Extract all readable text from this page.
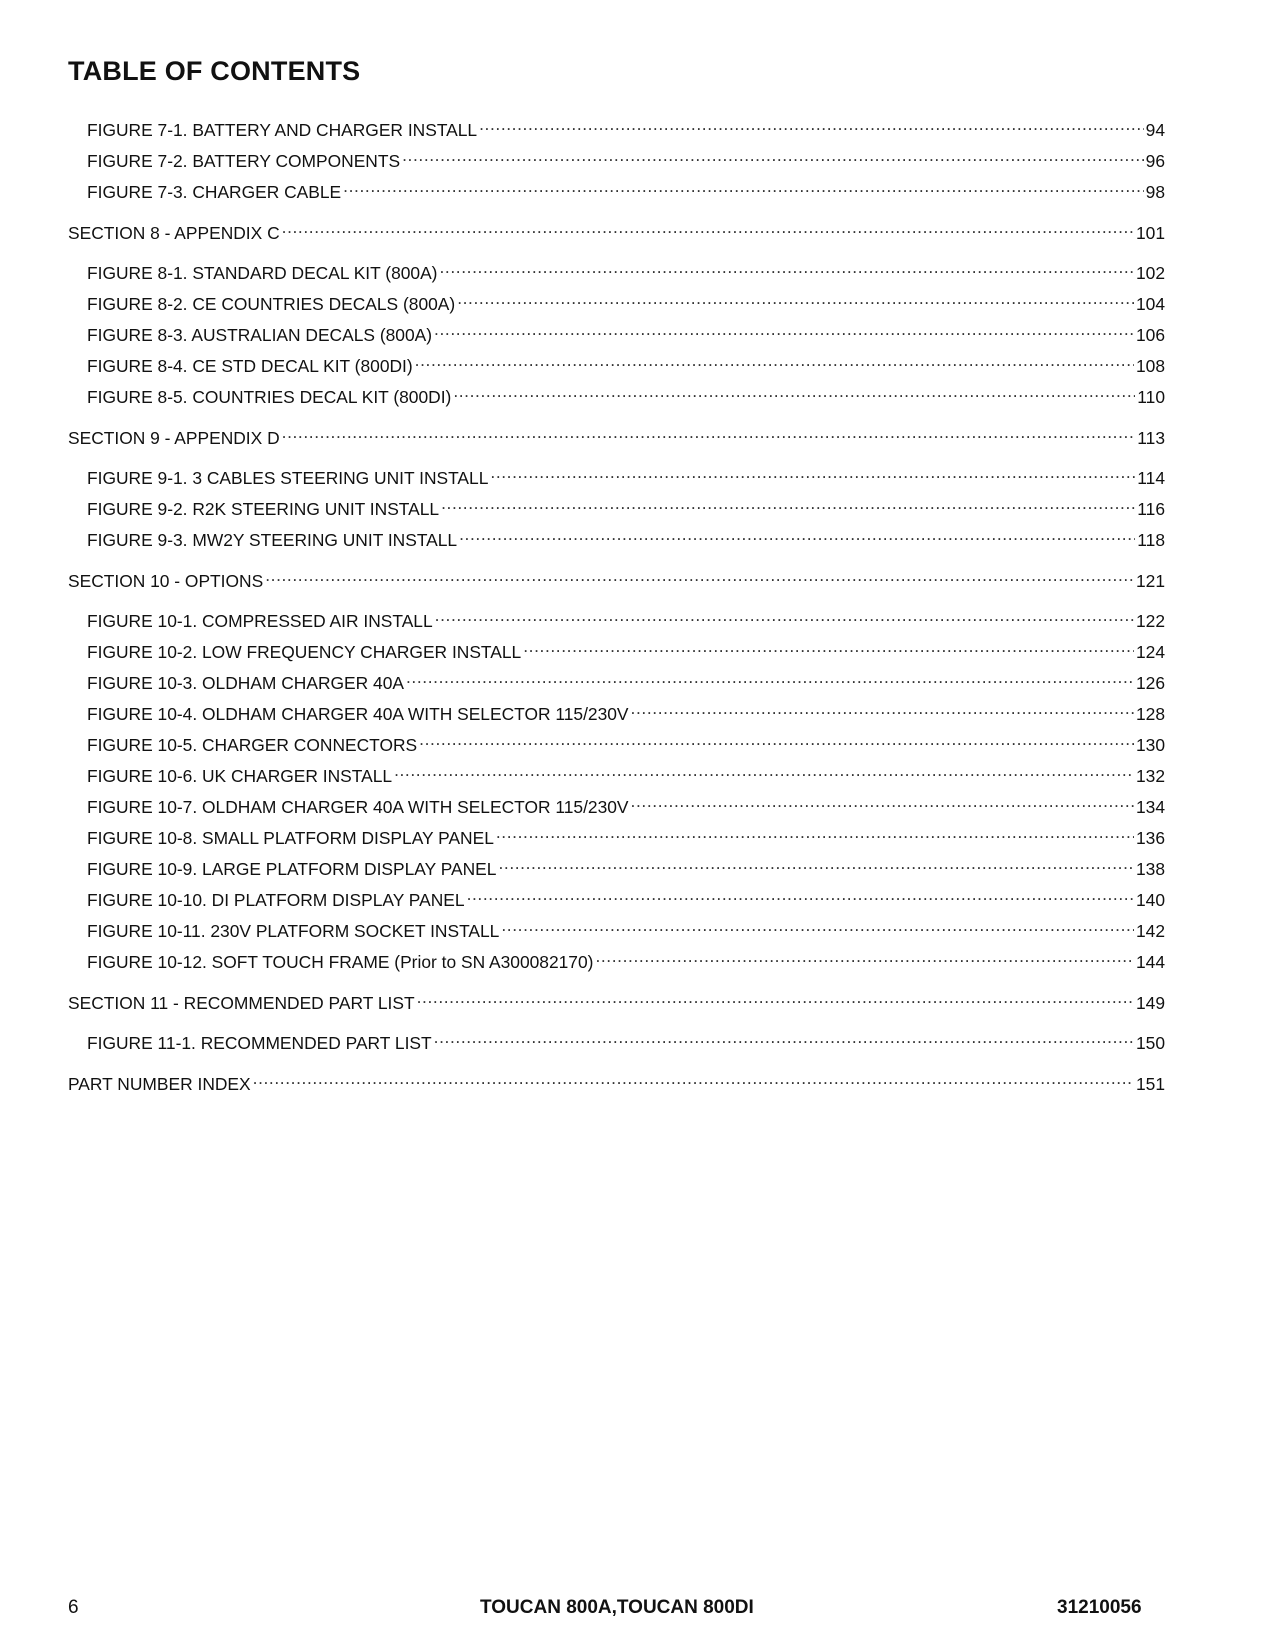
TABLE OF CONTENTS
FIGURE 7-1. BATTERY AND CHARGER INSTALL .....	94
FIGURE 7-2. BATTERY COMPONENTS .....	96
FIGURE 7-3. CHARGER CABLE .....	98
SECTION 8 - APPENDIX C .....	101
FIGURE 8-1. STANDARD DECAL KIT (800A) .....	102
FIGURE 8-2. CE COUNTRIES DECALS (800A) .....	104
FIGURE 8-3. AUSTRALIAN DECALS (800A) .....	106
FIGURE 8-4. CE STD DECAL KIT (800DI) .....	108
FIGURE 8-5. COUNTRIES DECAL KIT (800DI) .....	110
SECTION 9 - APPENDIX D .....	113
FIGURE 9-1. 3 CABLES STEERING UNIT INSTALL .....	114
FIGURE 9-2. R2K STEERING UNIT INSTALL .....	116
FIGURE 9-3. MW2Y STEERING UNIT INSTALL .....	118
SECTION 10 - OPTIONS .....	121
FIGURE 10-1. COMPRESSED AIR INSTALL .....	122
FIGURE 10-2. LOW FREQUENCY CHARGER INSTALL .....	124
FIGURE 10-3. OLDHAM CHARGER 40A .....	126
FIGURE 10-4. OLDHAM CHARGER 40A WITH SELECTOR 115/230V .....	128
FIGURE 10-5. CHARGER CONNECTORS .....	130
FIGURE 10-6. UK CHARGER INSTALL .....	132
FIGURE 10-7. OLDHAM CHARGER 40A WITH SELECTOR 115/230V .....	134
FIGURE 10-8. SMALL PLATFORM DISPLAY PANEL .....	136
FIGURE 10-9. LARGE PLATFORM DISPLAY PANEL .....	138
FIGURE 10-10. DI PLATFORM DISPLAY PANEL .....	140
FIGURE 10-11. 230V PLATFORM SOCKET INSTALL .....	142
FIGURE 10-12. SOFT TOUCH FRAME (Prior to SN A300082170) .....	144
SECTION 11 - RECOMMENDED PART LIST .....	149
FIGURE 11-1. RECOMMENDED PART LIST .....	150
PART NUMBER INDEX .....	151
6	TOUCAN 800A,TOUCAN 800DI	31210056
